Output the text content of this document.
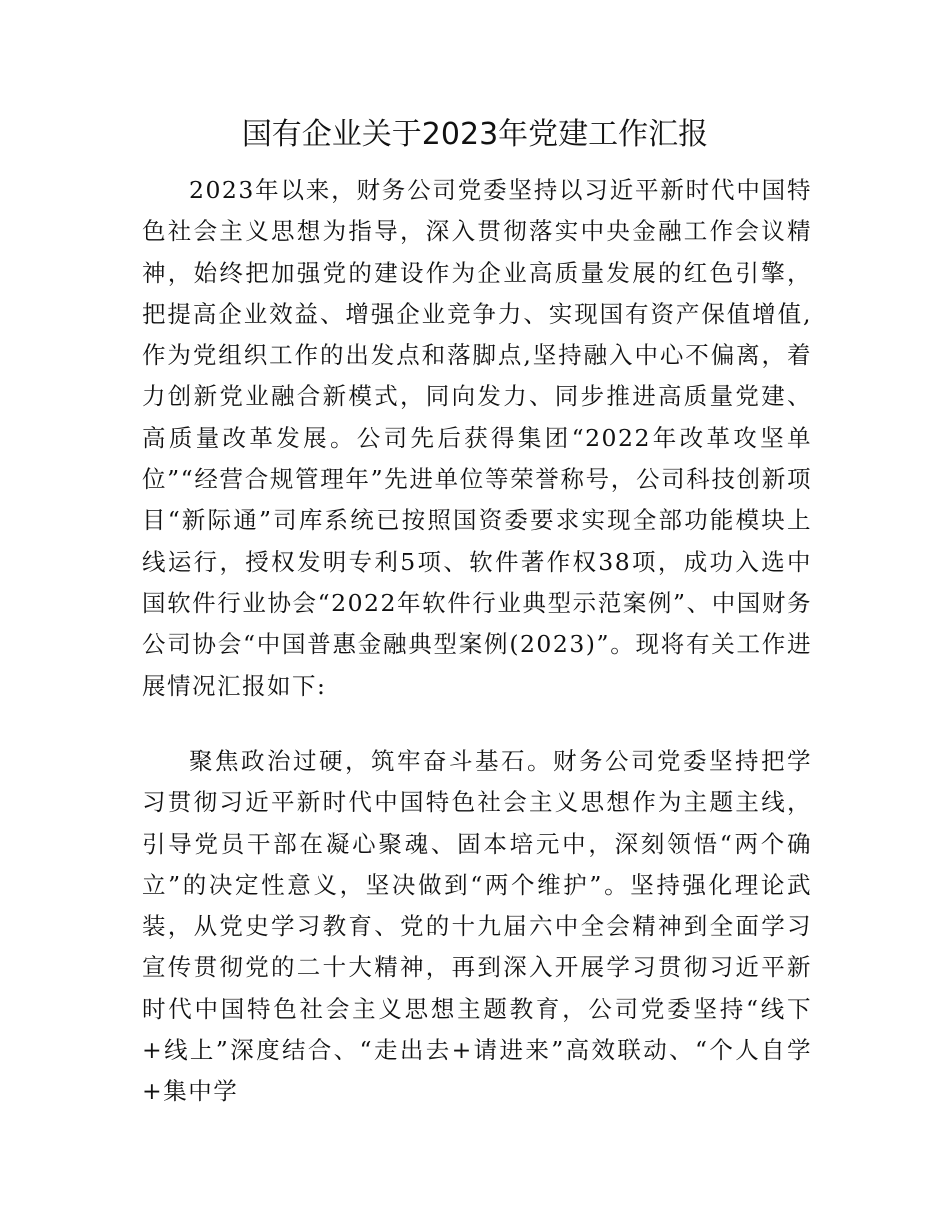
国有企业关于2023年党建工作汇报

2023年以来，财务公司党委坚持以习近平新时代中国特色社会主义思想为指导，深入贯彻落实中央金融工作会议精神，始终把加强党的建设作为企业高质量发展的红色引擎，把提高企业效益、增强企业竞争力、实现国有资产保值增值,作为党组织工作的出发点和落脚点,坚持融入中心不偏离，着力创新党业融合新模式，同向发力、同步推进高质量党建、高质量改革发展。公司先后获得集团“2022年改革攻坚单位”“经营合规管理年”先进单位等荣誉称号，公司科技创新项目“新际通”司库系统已按照国资委要求实现全部功能模块上线运行，授权发明专利5项、软件著作权38项，成功入选中国软件行业协会“2022年软件行业典型示范案例”、中国财务公司协会“中国普惠金融典型案例(2023)”。现将有关工作进展情况汇报如下:

聚焦政治过硬，筑牢奋斗基石。财务公司党委坚持把学习贯彻习近平新时代中国特色社会主义思想作为主题主线，引导党员干部在凝心聚魂、固本培元中，深刻领悟“两个确立”的决定性意义，坚决做到“两个维护”。坚持强化理论武装，从党史学习教育、党的十九届六中全会精神到全面学习宣传贯彻党的二十大精神，再到深入开展学习贯彻习近平新时代中国特色社会主义思想主题教育，公司党委坚持“线下+线上”深度结合、“走出去+请进来”高效联动、“个人自学+集中学
